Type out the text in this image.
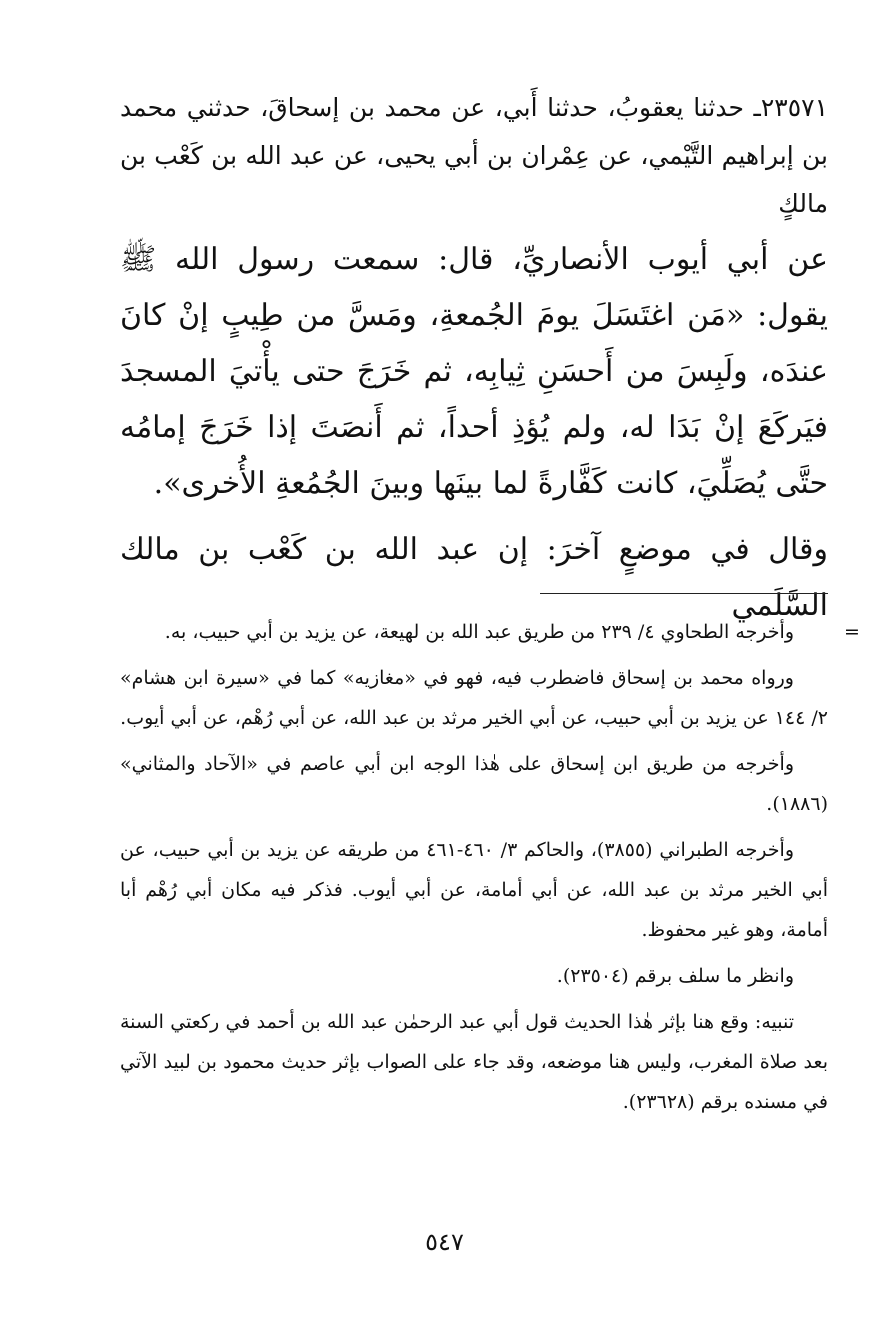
٢٣٥٧١ـ حدثنا يعقوبُ، حدثنا أَبي، عن محمد بن إسحاقَ، حدثني محمد بن إبراهيم التَّيْمي، عن عِمْران بن أبي يحيى، عن عبد الله بن كَعْب بن مالكٍ

عن أبي أيوب الأنصاريِّ، قال: سمعت رسول الله ﷺ يقول: «مَن اغتَسَلَ يومَ الجُمعةِ، ومَسَّ من طِيبٍ إنْ كانَ عندَه، ولَبِسَ من أَحسَنِ ثِيابِه، ثم خَرَجَ حتى يأْتيَ المسجدَ فيَركَعَ إنْ بَدَا له، ولم يُؤذِ أحداً، ثم أَنصَتَ إذا خَرَجَ إمامُه حتَّى يُصَلِّيَ، كانت كَفَّارةً لما بينَها وبينَ الجُمُعةِ الأُخرى».

وقال في موضعٍ آخرَ: إن عبد الله بن كَعْب بن مالك السَّلَمي

=
وأخرجه الطحاوي ٤/ ٢٣٩ من طريق عبد الله بن لهيعة، عن يزيد بن أبي حبيب، به.

ورواه محمد بن إسحاق فاضطرب فيه، فهو في «مغازيه» كما في «سيرة ابن هشام» ٢/ ١٤٤ عن يزيد بن أبي حبيب، عن أبي الخير مرثد بن عبد الله، عن أبي رُهْم، عن أبي أيوب.

وأخرجه من طريق ابن إسحاق على هٰذا الوجه ابن أبي عاصم في «الآحاد والمثاني» (١٨٨٦).

وأخرجه الطبراني (٣٨٥٥)، والحاكم ٣/ ٤٦٠-٤٦١ من طريقه عن يزيد بن أبي حبيب، عن أبي الخير مرثد بن عبد الله، عن أبي أمامة، عن أبي أيوب. فذكر فيه مكان أبي رُهْم أبا أمامة، وهو غير محفوظ.

وانظر ما سلف برقم (٢٣٥٠٤).

تنبيه: وقع هنا بإثر هٰذا الحديث قول أبي عبد الرحمٰن عبد الله بن أحمد في ركعتي السنة بعد صلاة المغرب، وليس هنا موضعه، وقد جاء على الصواب بإثر حديث محمود بن لبيد الآتي في مسنده برقم (٢٣٦٢٨).

٥٤٧
